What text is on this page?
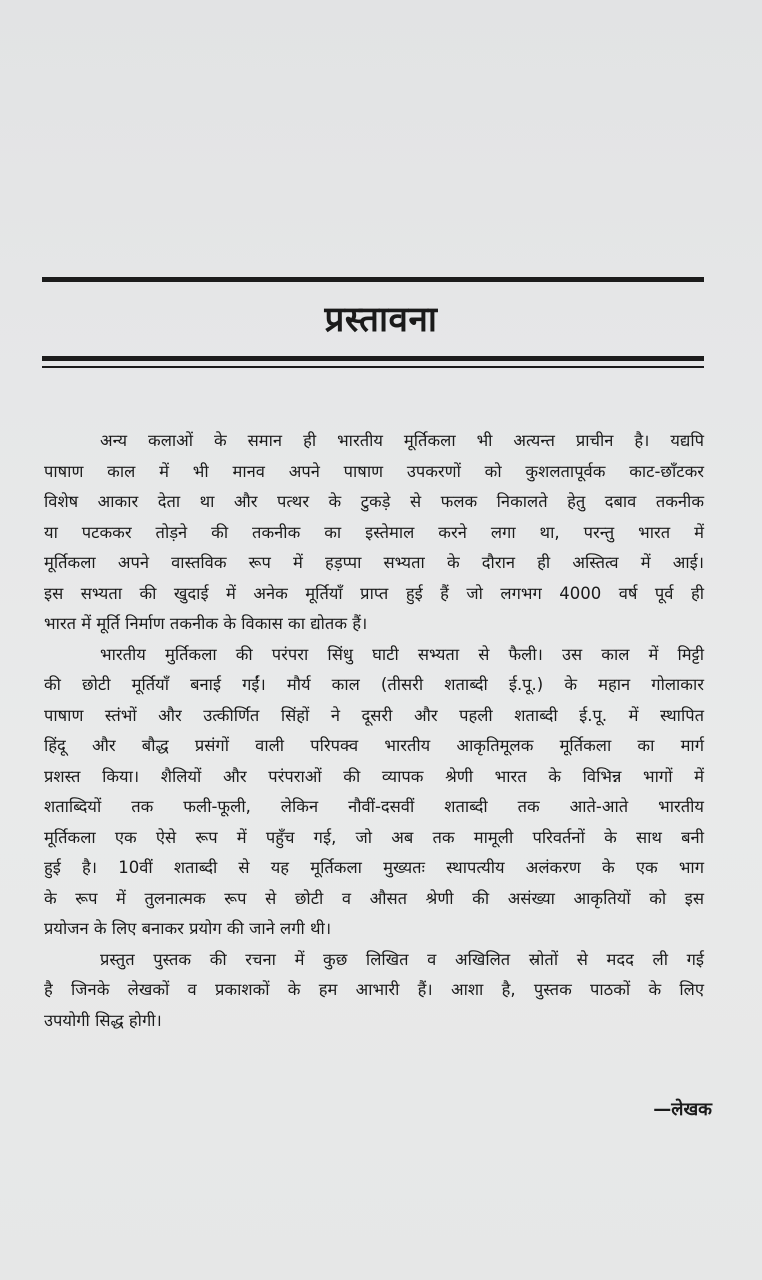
प्रस्तावना
अन्य कलाओं के समान ही भारतीय मूर्तिकला भी अत्यन्त प्राचीन है। यद्यपि
पाषाण काल में भी मानव अपने पाषाण उपकरणों को कुशलतापूर्वक काट-छाँटकर
विशेष आकार देता था और पत्थर के टुकड़े से फलक निकालते हेतु दबाव तकनीक
या पटककर तोड़ने की तकनीक का इस्तेमाल करने लगा था, परन्तु भारत में
मूर्तिकला अपने वास्तविक रूप में हड़प्पा सभ्यता के दौरान ही अस्तित्व में आई।
इस सभ्यता की खुदाई में अनेक मूर्तियाँ प्राप्त हुई हैं जो लगभग 4000 वर्ष पूर्व ही
भारत में मूर्ति निर्माण तकनीक के विकास का द्योतक हैं।
भारतीय मुर्तिकला की परंपरा सिंधु घाटी सभ्यता से फैली। उस काल में मिट्टी
की छोटी मूर्तियाँ बनाई गईं। मौर्य काल (तीसरी शताब्दी ई.पू.) के महान गोलाकार
पाषाण स्तंभों और उत्कीर्णित सिंहों ने दूसरी और पहली शताब्दी ई.पू. में स्थापित
हिंदू और बौद्ध प्रसंगों वाली परिपक्व भारतीय आकृतिमूलक मूर्तिकला का मार्ग
प्रशस्त किया। शैलियों और परंपराओं की व्यापक श्रेणी भारत के विभिन्न भागों में
शताब्दियों तक फली-फूली, लेकिन नौवीं-दसवीं शताब्दी तक आते-आते भारतीय
मूर्तिकला एक ऐसे रूप में पहुँच गई, जो अब तक मामूली परिवर्तनों के साथ बनी
हुई है। 10वीं शताब्दी से यह मूर्तिकला मुख्यतः स्थापत्यीय अलंकरण के एक भाग
के रूप में तुलनात्मक रूप से छोटी व औसत श्रेणी की असंख्या आकृतियों को इस
प्रयोजन के लिए बनाकर प्रयोग की जाने लगी थी।
प्रस्तुत पुस्तक की रचना में कुछ लिखित व अखिलित स्रोतों से मदद ली गई
है जिनके लेखकों व प्रकाशकों के हम आभारी हैं। आशा है, पुस्तक पाठकों के लिए
उपयोगी सिद्ध होगी।
—लेखक
